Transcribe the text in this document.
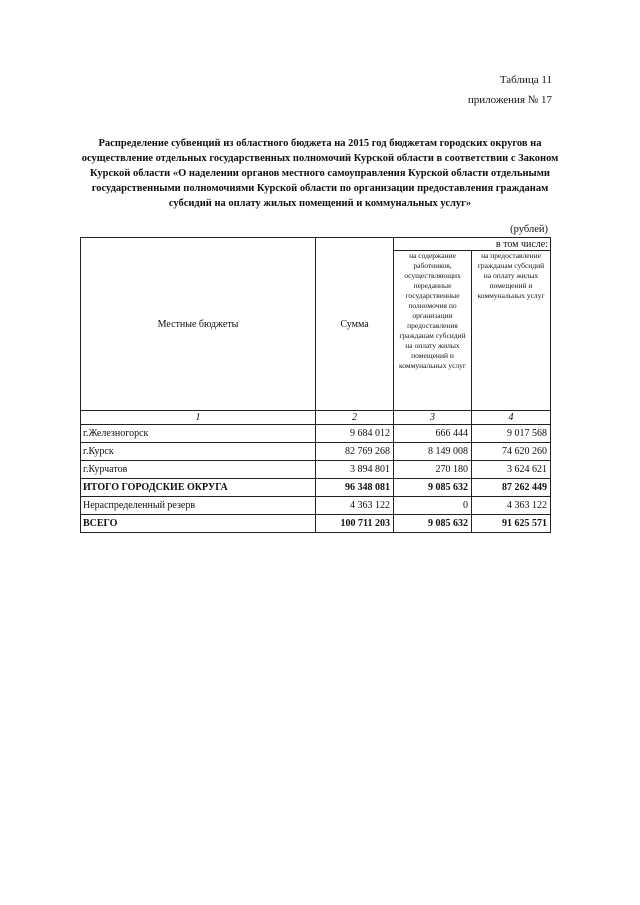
Таблица 11
приложения № 17
Распределение субвенций из областного бюджета на 2015 год бюджетам городских округов на осуществление отдельных государственных полномочий Курской области в соответствии с Законом Курской области «О наделении органов местного самоуправления Курской области отдельными государственными полномочиями Курской области по организации предоставления гражданам субсидий на оплату жилых помещений и коммунальных услуг»
(рублей)
Местные бюджеты	Сумма	в том числе:	
		на содержание работников, осуществляющих переданные государственные полномочия по организации предоставления гражданам субсидий на оплату жилых помещений и коммунальных услуг	на предоставление гражданам субсидий на оплату жилых помещений и коммунальных услуг
1	2	3	4
г.Железногорск	9 684 012	666 444	9 017 568
г.Курск	82 769 268	8 149 008	74 620 260
г.Курчатов	3 894 801	270 180	3 624 621
ИТОГО ГОРОДСКИЕ ОКРУГА	96 348 081	9 085 632	87 262 449
Нераспределенный резерв	4 363 122	0	4 363 122
ВСЕГО	100 711 203	9 085 632	91 625 571
